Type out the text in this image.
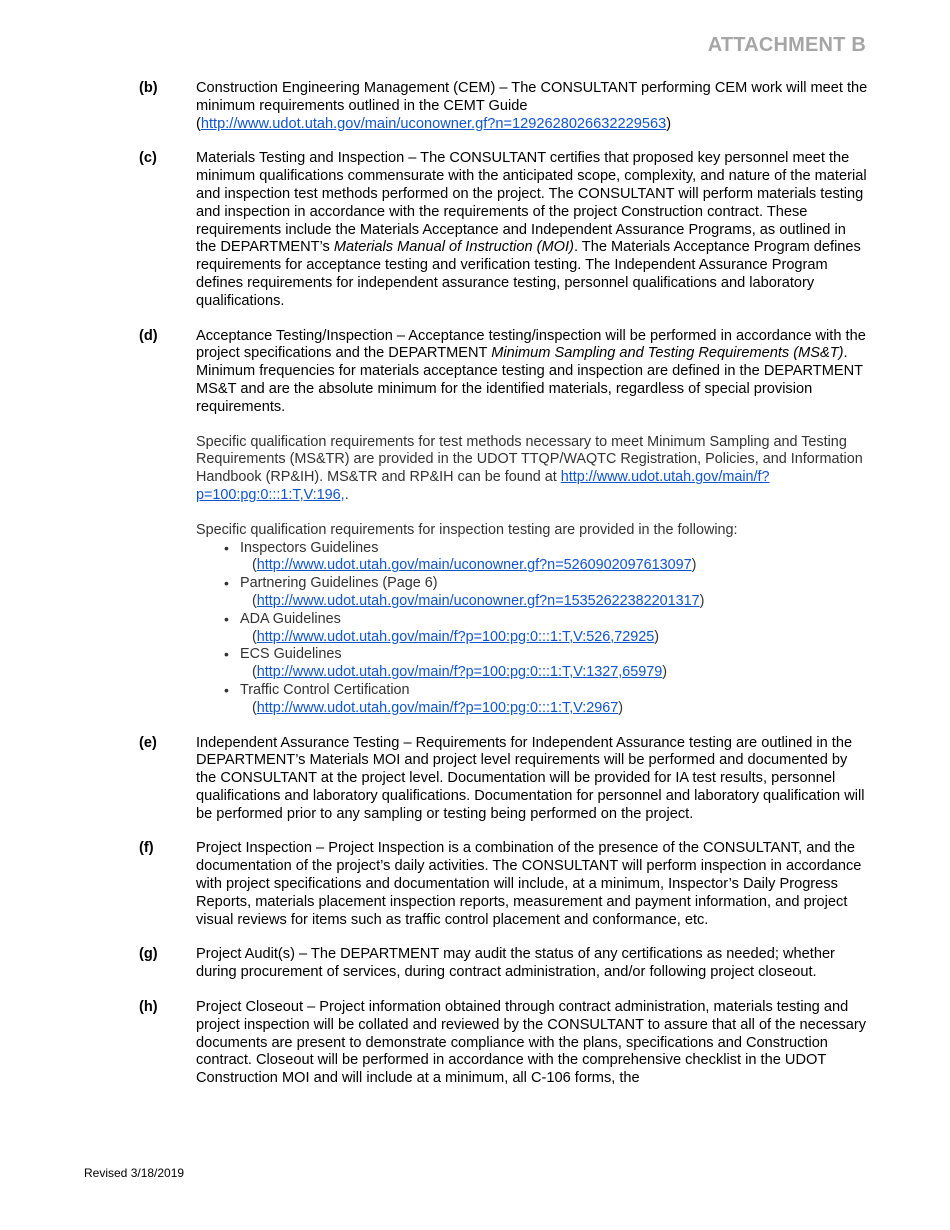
ATTACHMENT B
(b)	Construction Engineering Management (CEM) – The CONSULTANT performing CEM work will meet the minimum requirements outlined in the CEMT Guide
(http://www.udot.utah.gov/main/uconowner.gf?n=1292628026632229563)

(c)	Materials Testing and Inspection – The CONSULTANT certifies that proposed key personnel meet the minimum qualifications commensurate with the anticipated scope, complexity, and nature of the material and inspection test methods performed on the project. The CONSULTANT will perform materials testing and inspection in accordance with the requirements of the project Construction contract. These requirements include the Materials Acceptance and Independent Assurance Programs, as outlined in the DEPARTMENT’s Materials Manual of Instruction (MOI). The Materials Acceptance Program defines requirements for acceptance testing and verification testing. The Independent Assurance Program defines requirements for independent assurance testing, personnel qualifications and laboratory qualifications.

(d)	Acceptance Testing/Inspection – Acceptance testing/inspection will be performed in accordance with the project specifications and the DEPARTMENT Minimum Sampling and Testing Requirements (MS&T). Minimum frequencies for materials acceptance testing and inspection are defined in the DEPARTMENT MS&T and are the absolute minimum for the identified materials, regardless of special provision requirements.

Specific qualification requirements for test methods necessary to meet Minimum Sampling and Testing Requirements (MS&TR) are provided in the UDOT TTQP/WAQTC Registration, Policies, and Information Handbook (RP&IH). MS&TR and RP&IH can be found at http://www.udot.utah.gov/main/f?p=100:pg:0:::1:T,V:196,.

Specific qualification requirements for inspection testing are provided in the following:

• Inspectors Guidelines
(http://www.udot.utah.gov/main/uconowner.gf?n=5260902097613097)
• Partnering Guidelines (Page 6)
(http://www.udot.utah.gov/main/uconowner.gf?n=15352622382201317)
• ADA Guidelines
(http://www.udot.utah.gov/main/f?p=100:pg:0:::1:T,V:526,72925)
• ECS Guidelines
(http://www.udot.utah.gov/main/f?p=100:pg:0:::1:T,V:1327,65979)
• Traffic Control Certification
(http://www.udot.utah.gov/main/f?p=100:pg:0:::1:T,V:2967)
(e)	Independent Assurance Testing – Requirements for Independent Assurance testing are outlined in the DEPARTMENT’s Materials MOI and project level requirements will be performed and documented by the CONSULTANT at the project level. Documentation will be provided for IA test results, personnel qualifications and laboratory qualifications. Documentation for personnel and laboratory qualification will be performed prior to any sampling or testing being performed on the project.

(f)	Project Inspection – Project Inspection is a combination of the presence of the CONSULTANT, and the documentation of the project’s daily activities. The CONSULTANT will perform inspection in accordance with project specifications and documentation will include, at a minimum, Inspector’s Daily Progress Reports, materials placement inspection reports, measurement and payment information, and project visual reviews for items such as traffic control placement and conformance, etc.

(g)	Project Audit(s) – The DEPARTMENT may audit the status of any certifications as needed; whether during procurement of services, during contract administration, and/or following project closeout.

(h)	Project Closeout – Project information obtained through contract administration, materials testing and project inspection will be collated and reviewed by the CONSULTANT to assure that all of the necessary documents are present to demonstrate compliance with the plans, specifications and Construction contract. Closeout will be performed in accordance with the comprehensive checklist in the UDOT Construction MOI and will include at a minimum, all C-106 forms, the

Revised 3/18/2019
